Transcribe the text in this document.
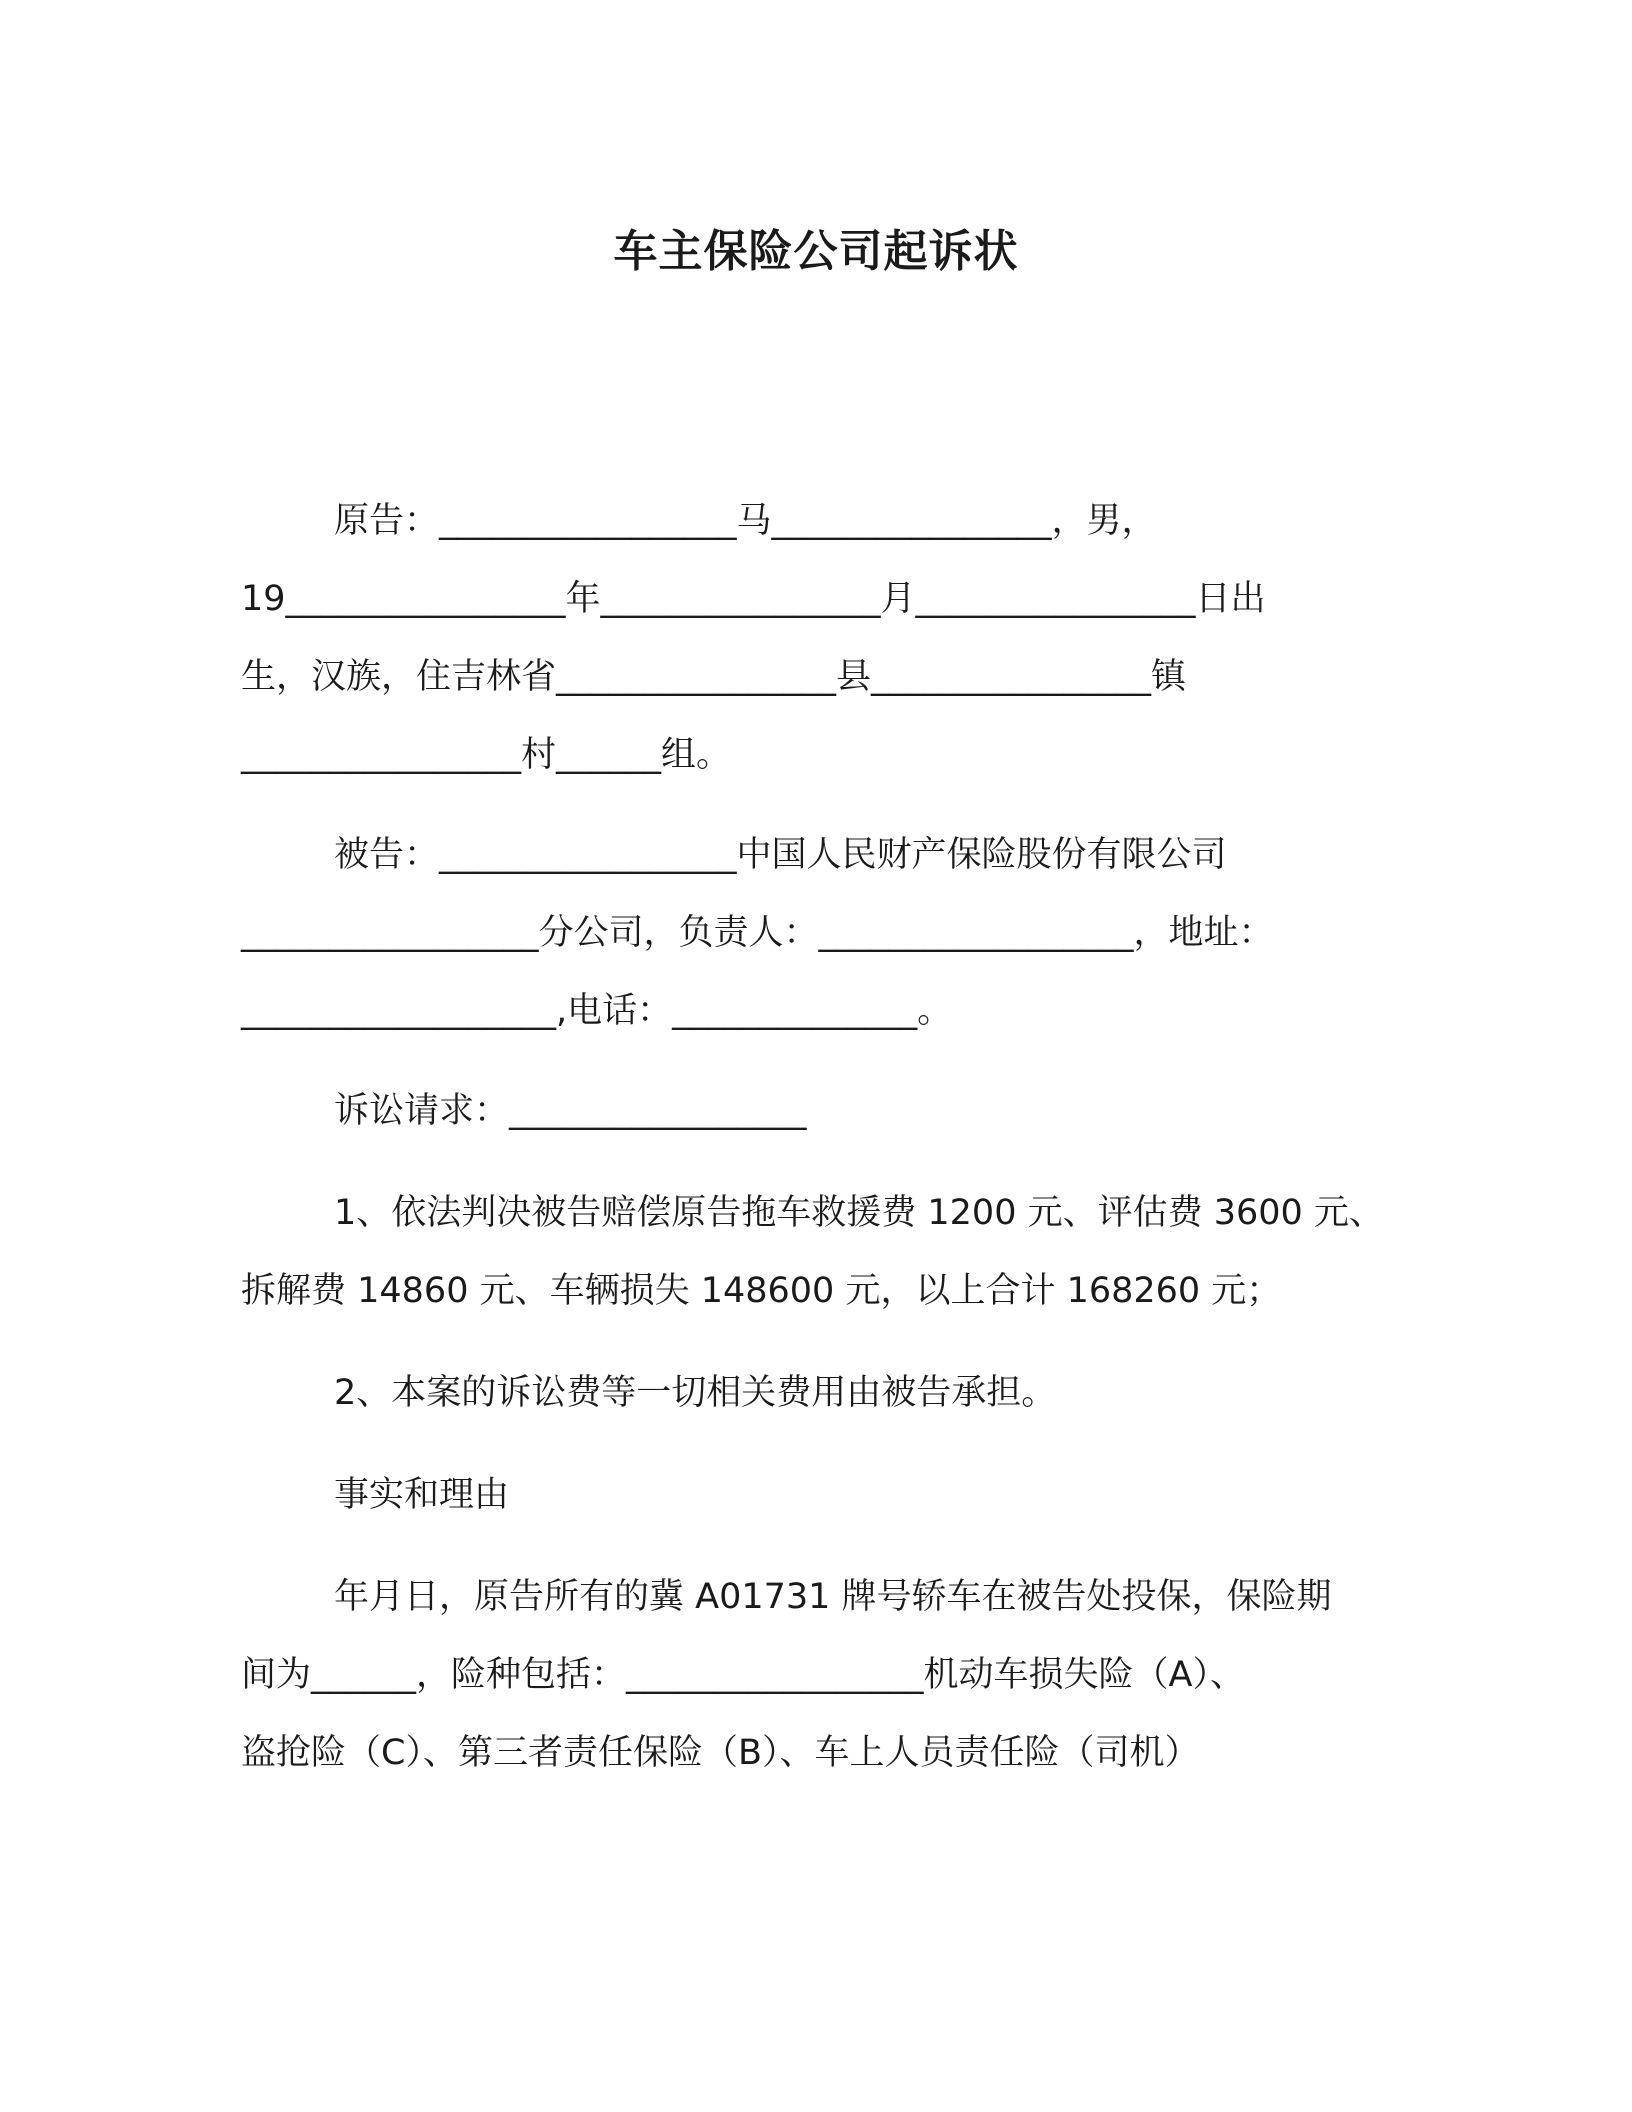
车主保险公司起诉状
原告：_________________马________________，男，
19________________年________________月________________日出
生，汉族，住吉林省________________县________________镇
________________村______组。
被告：_________________中国人民财产保险股份有限公司
_________________分公司，负责人：__________________，地址：
__________________,电话：______________。
诉讼请求：_________________
1、依法判决被告赔偿原告拖车救援费 1200 元、评估费 3600 元、
拆解费 14860 元、车辆损失 148600 元，以上合计 168260 元；
2、本案的诉讼费等一切相关费用由被告承担。
事实和理由
年月日，原告所有的冀 A01731 牌号轿车在被告处投保，保险期
间为______，险种包括：_________________机动车损失险（A）、
盗抢险（C）、第三者责任保险（B）、车上人员责任险（司机）
